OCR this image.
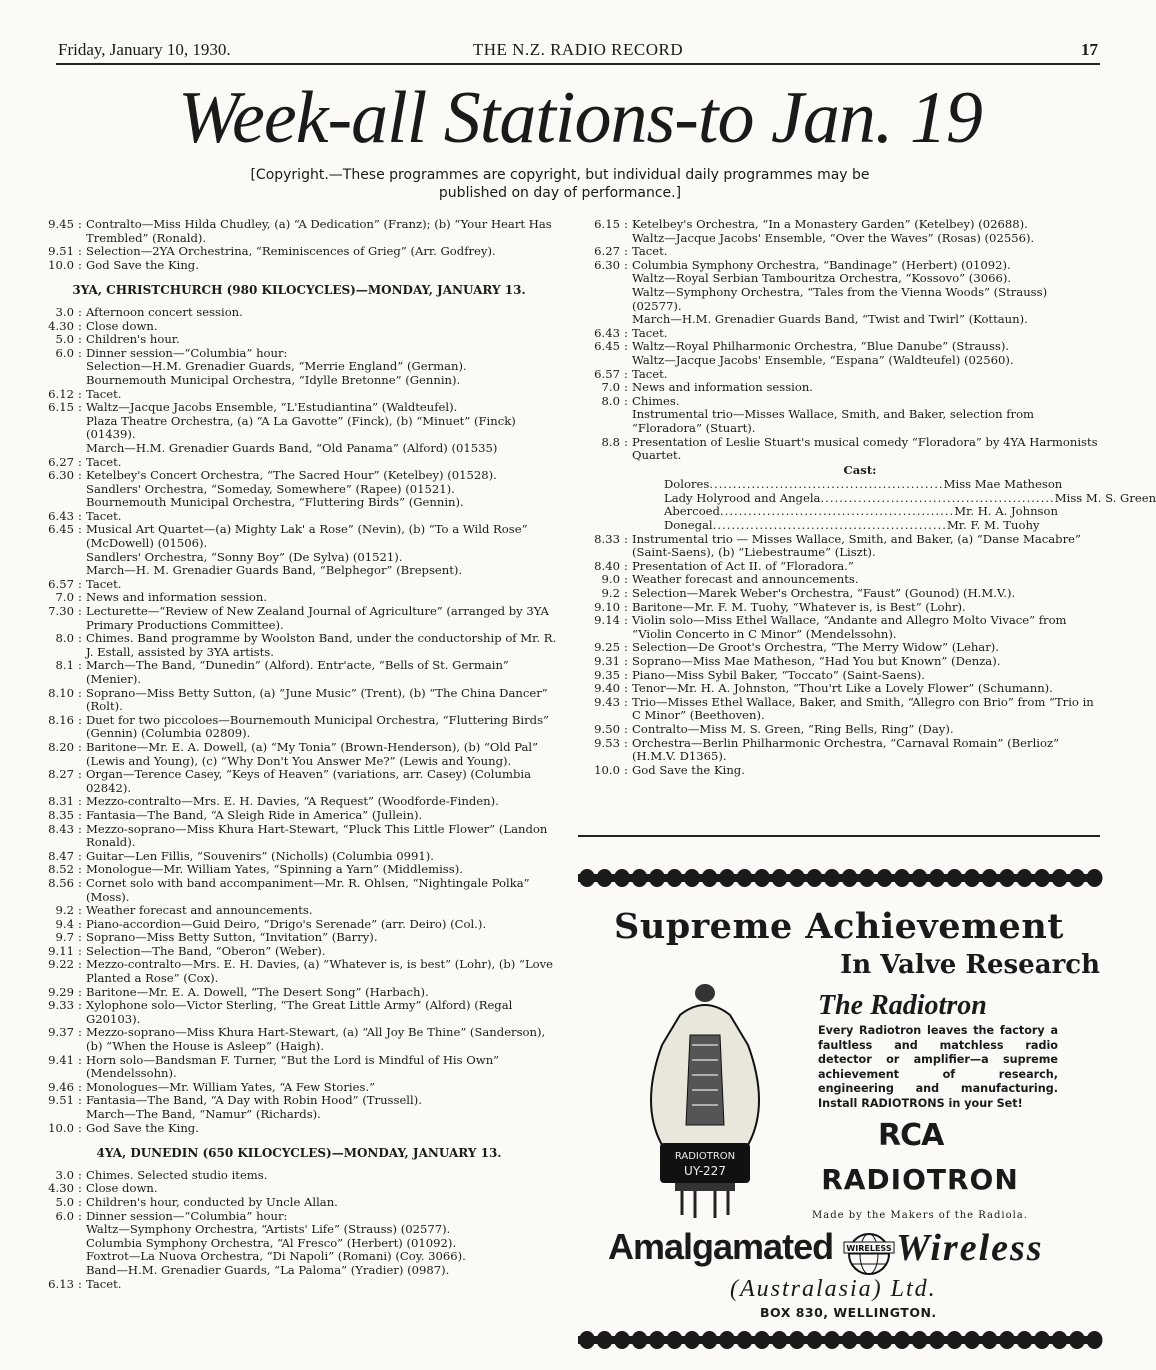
Friday, January 10, 1930.	THE N.Z. RADIO RECORD	17
Week-all Stations-to Jan. 19
[Copyright.—These programmes are copyright, but individual daily programmes may be published on day of performance.]
9.45 : Contralto—Miss Hilda Chudley, (a) “A Dedication” (Franz); (b) “Your Heart Has Trembled” (Ronald).
9.51 : Selection—2YA Orchestrina, “Reminiscences of Grieg” (Arr. Godfrey).
10.0 : God Save the King.
3YA, CHRISTCHURCH (980 KILOCYCLES)—MONDAY, JANUARY 13.
3.0 : Afternoon concert session.
4.30 : Close down.
5.0 : Children's hour.
6.0 : Dinner session—“Columbia” hour:
Selection—H.M. Grenadier Guards, “Merrie England” (German).
Bournemouth Municipal Orchestra, “Idylle Bretonne” (Gennin).
6.12 : Tacet.
6.15 : Waltz—Jacque Jacobs Ensemble, “L'Estudiantina” (Waldteufel).
Plaza Theatre Orchestra, (a) “A La Gavotte” (Finck), (b) “Minuet” (Finck) (01439).
March—H.M. Grenadier Guards Band, “Old Panama” (Alford) (01535)
6.27 : Tacet.
6.30 : Ketelbey's Concert Orchestra, “The Sacred Hour” (Ketelbey) (01528).
Sandlers' Orchestra, “Someday, Somewhere” (Rapee) (01521).
Bournemouth Municipal Orchestra, “Fluttering Birds” (Gennin).
6.43 : Tacet.
6.45 : Musical Art Quartet—(a) Mighty Lak' a Rose” (Nevin), (b) “To a Wild Rose” (McDowell) (01506).
Sandlers' Orchestra, “Sonny Boy” (De Sylva) (01521).
March—H. M. Grenadier Guards Band, “Belphegor” (Brepsent).
6.57 : Tacet.
7.0 : News and information session.
7.30 : Lecturette—“Review of New Zealand Journal of Agriculture” (arranged by 3YA Primary Productions Committee).
8.0 : Chimes. Band programme by Woolston Band, under the conductorship of Mr. R. J. Estall, assisted by 3YA artists.
8.1 : March—The Band, “Dunedin” (Alford). Entr'acte, “Bells of St. Germain” (Menier).
8.10 : Soprano—Miss Betty Sutton, (a) “June Music” (Trent), (b) “The China Dancer” (Rolt).
8.16 : Duet for two piccoloes—Bournemouth Municipal Orchestra, “Fluttering Birds” (Gennin) (Columbia 02809).
8.20 : Baritone—Mr. E. A. Dowell, (a) “My Tonia” (Brown-Henderson), (b) “Old Pal” (Lewis and Young), (c) “Why Don't You Answer Me?” (Lewis and Young).
8.27 : Organ—Terence Casey, “Keys of Heaven” (variations, arr. Casey) (Columbia 02842).
8.31 : Mezzo-contralto—Mrs. E. H. Davies, “A Request” (Woodforde-Finden).
8.35 : Fantasia—The Band, “A Sleigh Ride in America” (Jullein).
8.43 : Mezzo-soprano—Miss Khura Hart-Stewart, “Pluck This Little Flower” (Landon Ronald).
8.47 : Guitar—Len Fillis, “Souvenirs” (Nicholls) (Columbia 0991).
8.52 : Monologue—Mr. William Yates, “Spinning a Yarn” (Middlemiss).
8.56 : Cornet solo with band accompaniment—Mr. R. Ohlsen, “Nightingale Polka” (Moss).
9.2 : Weather forecast and announcements.
9.4 : Piano-accordion—Guid Deiro, “Drigo's Serenade” (arr. Deiro) (Col.).
9.7 : Soprano—Miss Betty Sutton, “Invitation” (Barry).
9.11 : Selection—The Band, “Oberon” (Weber).
9.22 : Mezzo-contralto—Mrs. E. H. Davies, (a) “Whatever is, is best” (Lohr), (b) “Love Planted a Rose” (Cox).
9.29 : Baritone—Mr. E. A. Dowell, “The Desert Song” (Harbach).
9.33 : Xylophone solo—Victor Sterling, “The Great Little Army” (Alford) (Regal G20103).
9.37 : Mezzo-soprano—Miss Khura Hart-Stewart, (a) “All Joy Be Thine” (Sanderson), (b) “When the House is Asleep” (Haigh).
9.41 : Horn solo—Bandsman F. Turner, “But the Lord is Mindful of His Own” (Mendelssohn).
9.46 : Monologues—Mr. William Yates, “A Few Stories.”
9.51 : Fantasia—The Band, “A Day with Robin Hood” (Trussell).
March—The Band, “Namur” (Richards).
10.0 : God Save the King.
4YA, DUNEDIN (650 KILOCYCLES)—MONDAY, JANUARY 13.
3.0 : Chimes. Selected studio items.
4.30 : Close down.
5.0 : Children's hour, conducted by Uncle Allan.
6.0 : Dinner session—“Columbia” hour:
Waltz—Symphony Orchestra, “Artists' Life” (Strauss) (02577).
Columbia Symphony Orchestra, “Al Fresco” (Herbert) (01092).
Foxtrot—La Nuova Orchestra, “Di Napoli” (Romani) (Coy. 3066).
Band—H.M. Grenadier Guards, “La Paloma” (Yradier) (0987).
6.13 : Tacet.
6.15 : Ketelbey's Orchestra, “In a Monastery Garden” (Ketelbey) (02688).
Waltz—Jacque Jacobs' Ensemble, “Over the Waves” (Rosas) (02556).
6.27 : Tacet.
6.30 : Columbia Symphony Orchestra, “Bandinage” (Herbert) (01092).
Waltz—Royal Serbian Tambouritza Orchestra, “Kossovo” (3066).
Waltz—Symphony Orchestra, “Tales from the Vienna Woods” (Strauss) (02577).
March—H.M. Grenadier Guards Band, “Twist and Twirl” (Kottaun).
6.43 : Tacet.
6.45 : Waltz—Royal Philharmonic Orchestra, “Blue Danube” (Strauss).
Waltz—Jacque Jacobs' Ensemble, “Espana” (Waldteufel) (02560).
6.57 : Tacet.
7.0 : News and information session.
8.0 : Chimes.
Instrumental trio—Misses Wallace, Smith, and Baker, selection from “Floradora” (Stuart).
8.8 : Presentation of Leslie Stuart's musical comedy “Floradora” by 4YA Harmonists Quartet.
Cast:
Dolores .................................................. Miss Mae Matheson
Lady Holyrood and Angela .................................................. Miss M. S. Green
Abercoed .................................................. Mr. H. A. Johnson
Donegal .................................................. Mr. F. M. Tuohy
8.33 : Instrumental trio — Misses Wallace, Smith, and Baker, (a) “Danse Macabre” (Saint-Saens), (b) “Liebestraume” (Liszt).
8.40 : Presentation of Act II. of “Floradora.”
9.0 : Weather forecast and announcements.
9.2 : Selection—Marek Weber's Orchestra, “Faust” (Gounod) (H.M.V.).
9.10 : Baritone—Mr. F. M. Tuohy, “Whatever is, is Best” (Lohr).
9.14 : Violin solo—Miss Ethel Wallace, “Andante and Allegro Molto Vivace” from “Violin Concerto in C Minor” (Mendelssohn).
9.25 : Selection—De Groot's Orchestra, “The Merry Widow” (Lehar).
9.31 : Soprano—Miss Mae Matheson, “Had You but Known” (Denza).
9.35 : Piano—Miss Sybil Baker, “Toccato” (Saint-Saens).
9.40 : Tenor—Mr. H. A. Johnston, “Thou'rt Like a Lovely Flower” (Schumann).
9.43 : Trio—Misses Ethel Wallace, Baker, and Smith, “Allegro con Brio” from “Trio in C Minor” (Beethoven).
9.50 : Contralto—Miss M. S. Green, “Ring Bells, Ring” (Day).
9.53 : Orchestra—Berlin Philharmonic Orchestra, “Carnaval Romain” (Berlioz” (H.M.V. D1365).
10.0 : God Save the King.
Supreme Achievement
In Valve Research
The Radiotron
Every Radiotron leaves the factory a faultless and matchless radio detector or amplifier—a supreme achievement of research, engineering and manufacturing. Install RADIOTRONS in your Set!
RADIOTRON
UY-227
RCA
RADIOTRON
Made by the Makers of the Radiola.
Amalgamated WIRELESS Wireless
(Australasia) Ltd.
BOX 830, WELLINGTON.
